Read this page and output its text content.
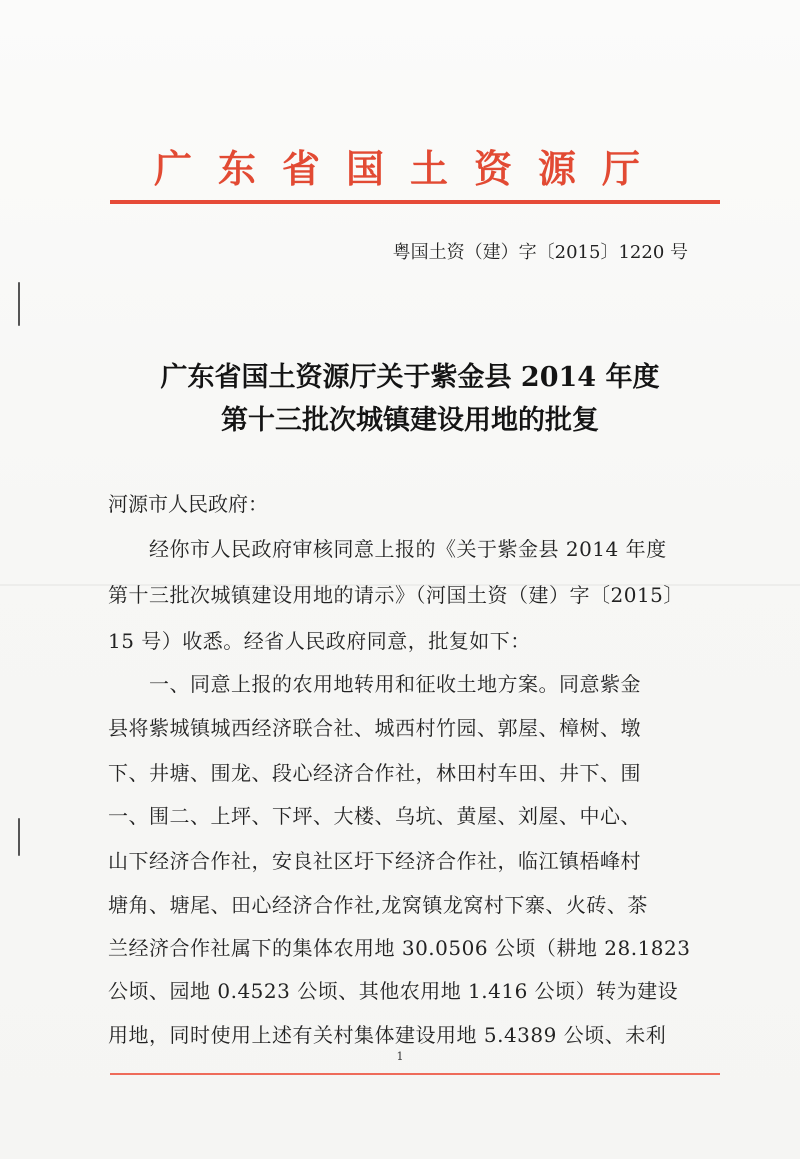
广东省国土资源厅
粤国土资（建）字〔2015〕1220 号
广东省国土资源厅关于紫金县 2014 年度
第十三批次城镇建设用地的批复
河源市人民政府：
　　经你市人民政府审核同意上报的《关于紫金县 2014 年度
第十三批次城镇建设用地的请示》（河国土资（建）字〔2015〕
15 号）收悉。经省人民政府同意，批复如下：
　　一、同意上报的农用地转用和征收土地方案。同意紫金
县将紫城镇城西经济联合社、城西村竹园、郭屋、樟树、墩
下、井塘、围龙、段心经济合作社，林田村车田、井下、围
一、围二、上坪、下坪、大楼、乌坑、黄屋、刘屋、中心、
山下经济合作社，安良社区圩下经济合作社，临江镇梧峰村
塘角、塘尾、田心经济合作社,龙窝镇龙窝村下寨、火砖、茶
兰经济合作社属下的集体农用地 30.0506 公顷（耕地 28.1823
公顷、园地 0.4523 公顷、其他农用地 1.416 公顷）转为建设
用地，同时使用上述有关村集体建设用地 5.4389 公顷、未利
1
